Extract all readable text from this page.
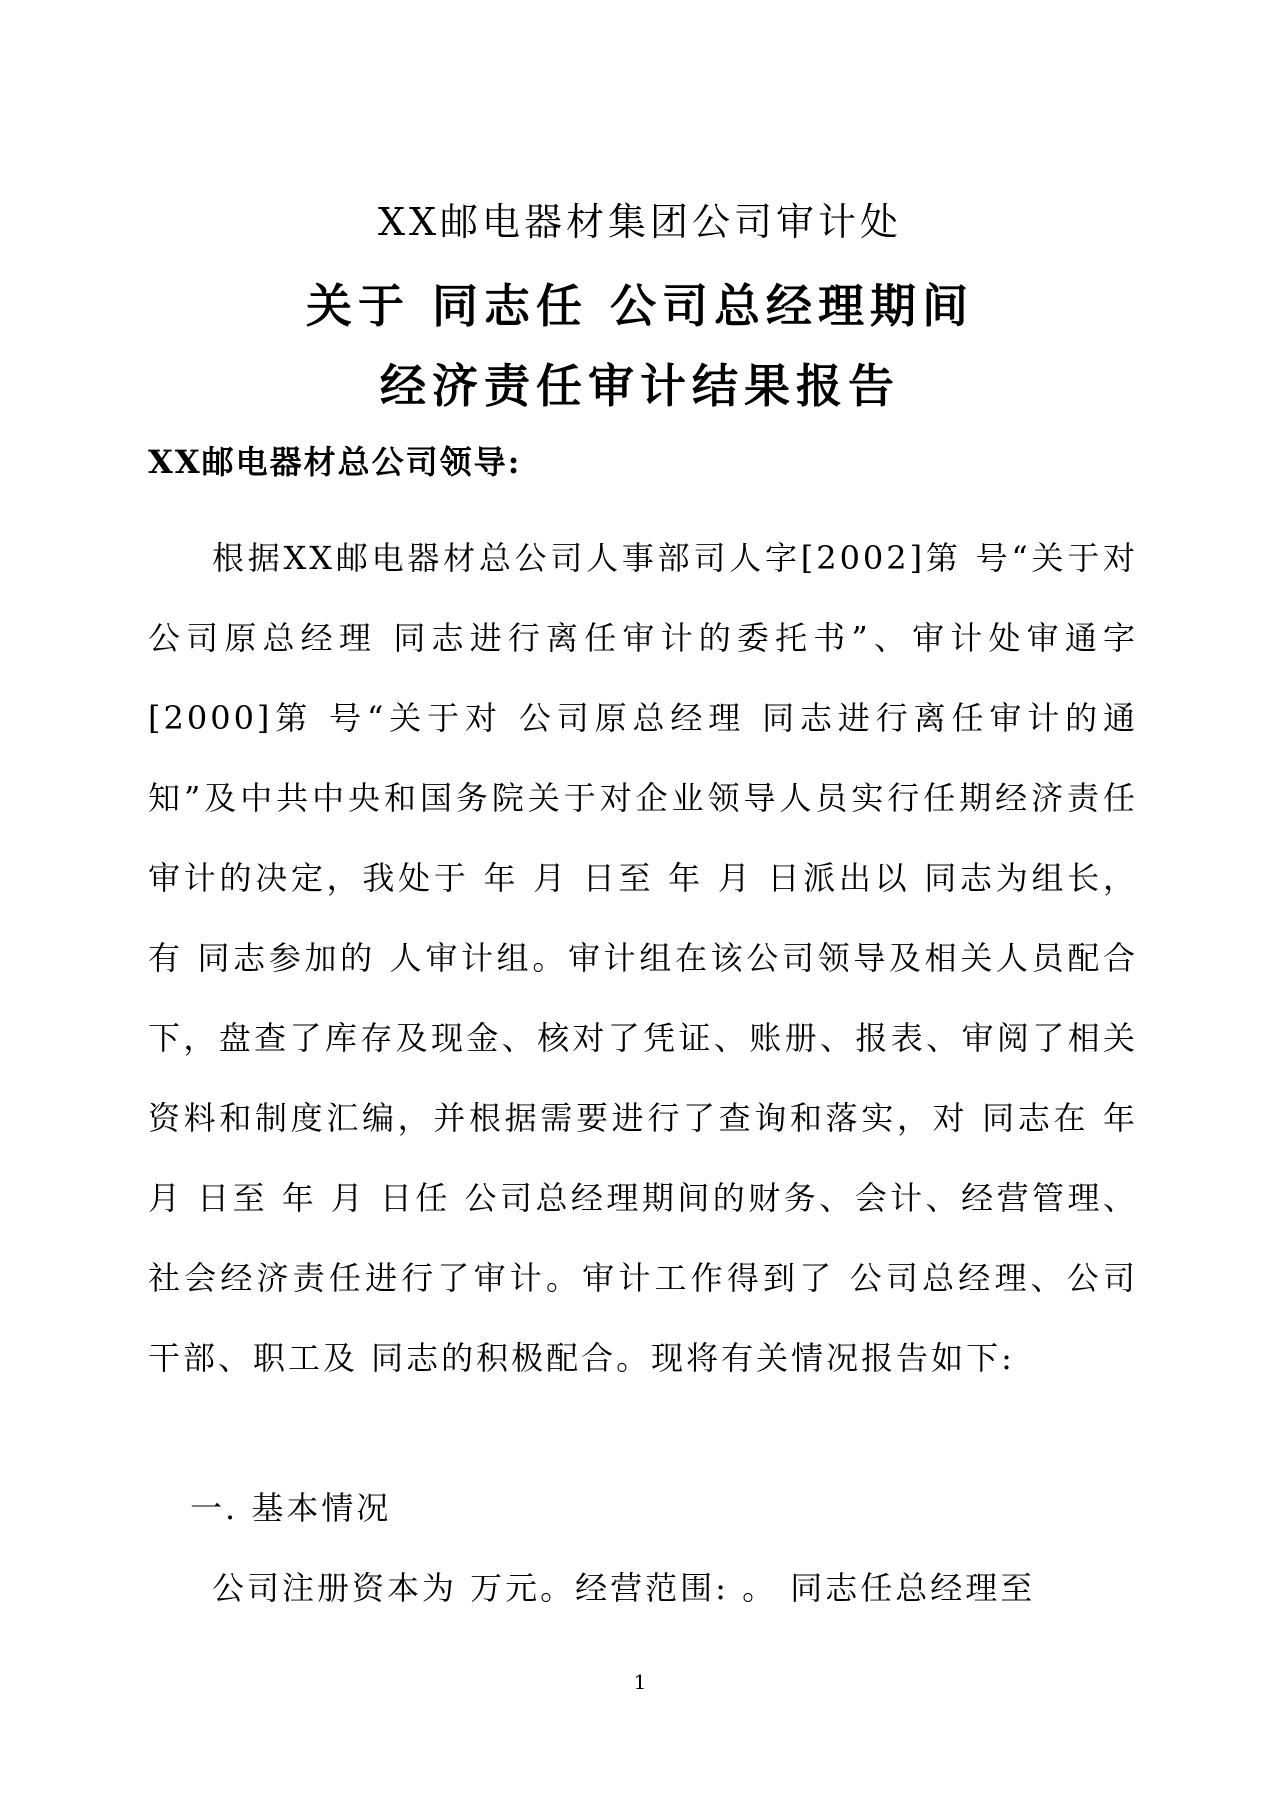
XX邮电器材集团公司审计处
关于 同志任 公司总经理期间
经济责任审计结果报告
XX邮电器材总公司领导:
根据XX邮电器材总公司人事部司人字[2002]第 号“关于对 公司原总经理 同志进行离任审计的委托书”、审计处审通字[2000]第 号“关于对 公司原总经理 同志进行离任审计的通知”及中共中央和国务院关于对企业领导人员实行任期经济责任审计的决定，我处于 年 月 日至 年 月 日派出以 同志为组长，有 同志参加的 人审计组。审计组在该公司领导及相关人员配合下，盘查了库存及现金、核对了凭证、账册、报表、审阅了相关资料和制度汇编，并根据需要进行了查询和落实，对 同志在 年 月 日至 年 月 日任 公司总经理期间的财务、会计、经营管理、社会经济责任进行了审计。审计工作得到了 公司总经理、公司干部、职工及 同志的积极配合。现将有关情况报告如下:
一. 基本情况
公司注册资本为 万元。经营范围: 。 同志任总经理至
1
